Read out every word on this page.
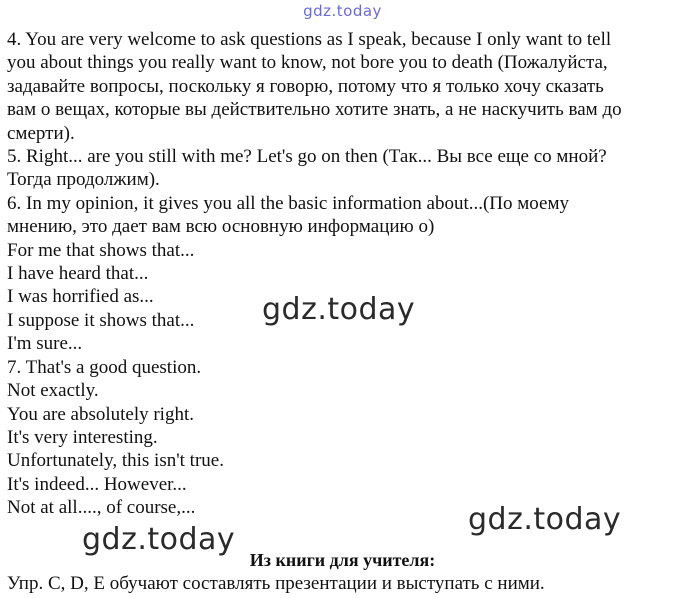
gdz.today
4. You are very welcome to ask questions as I speak, because I only want to tell
you about things you really want to know, not bore you to death (Пожалуйста,
задавайте вопросы, поскольку я говорю, потому что я только хочу сказать
вам о вещах, которые вы действительно хотите знать, а не наскучить вам до
смерти).
5. Right... are you still with me? Let's go on then (Так... Вы все еще со мной?
Тогда продолжим).
6. In my opinion, it gives you all the basic information about...(По моему
мнению, это дает вам всю основную информацию о)
For me that shows that...
I have heard that...
I was horrified as...
I suppose it shows that...
I'm sure...
7. That's a good question.
Not exactly.
You are absolutely right.
It's very interesting.
Unfortunately, this isn't true.
It's indeed... However...
Not at all...., of course,...
gdz.today
gdz.today
gdz.today
Из книги для учителя:
Упр. С, D, Е обучают составлять презентации и выступать с ними.
